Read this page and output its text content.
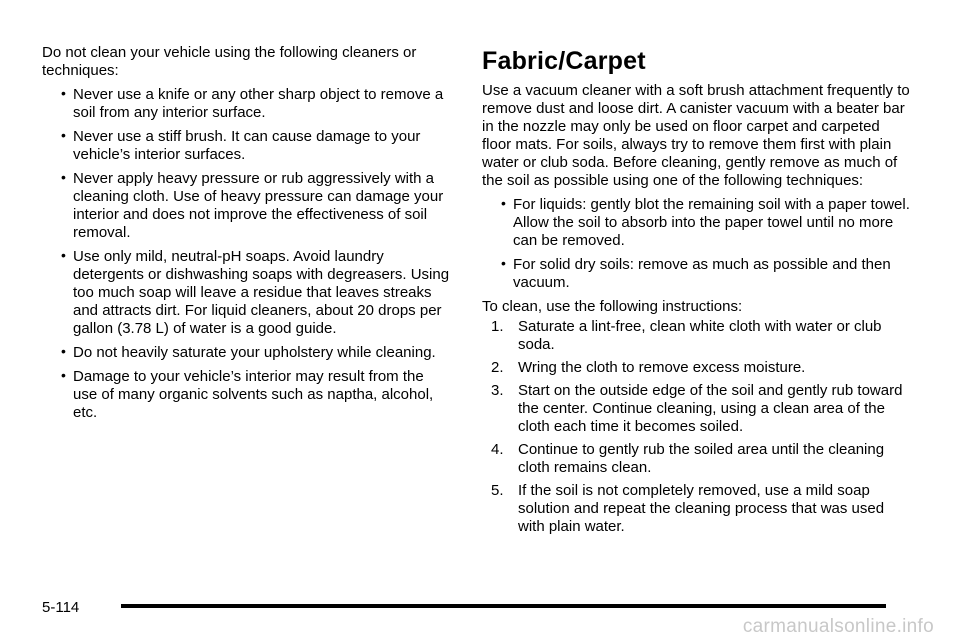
Do not clean your vehicle using the following cleaners or techniques:

• Never use a knife or any other sharp object to remove a soil from any interior surface.
• Never use a stiff brush. It can cause damage to your vehicle’s interior surfaces.
• Never apply heavy pressure or rub aggressively with a cleaning cloth. Use of heavy pressure can damage your interior and does not improve the effectiveness of soil removal.
• Use only mild, neutral-pH soaps. Avoid laundry detergents or dishwashing soaps with degreasers. Using too much soap will leave a residue that leaves streaks and attracts dirt. For liquid cleaners, about 20 drops per gallon (3.78 L) of water is a good guide.
• Do not heavily saturate your upholstery while cleaning.
• Damage to your vehicle’s interior may result from the use of many organic solvents such as naptha, alcohol, etc.
Fabric/Carpet

Use a vacuum cleaner with a soft brush attachment frequently to remove dust and loose dirt. A canister vacuum with a beater bar in the nozzle may only be used on floor carpet and carpeted floor mats. For soils, always try to remove them first with plain water or club soda. Before cleaning, gently remove as much of the soil as possible using one of the following techniques:

• For liquids: gently blot the remaining soil with a paper towel. Allow the soil to absorb into the paper towel until no more can be removed.
• For solid dry soils: remove as much as possible and then vacuum.

To clean, use the following instructions:

1. Saturate a lint-free, clean white cloth with water or club soda.
2. Wring the cloth to remove excess moisture.
3. Start on the outside edge of the soil and gently rub toward the center. Continue cleaning, using a clean area of the cloth each time it becomes soiled.
4. Continue to gently rub the soiled area until the cleaning cloth remains clean.
5. If the soil is not completely removed, use a mild soap solution and repeat the cleaning process that was used with plain water.
5-114
carmanualsonline.info
